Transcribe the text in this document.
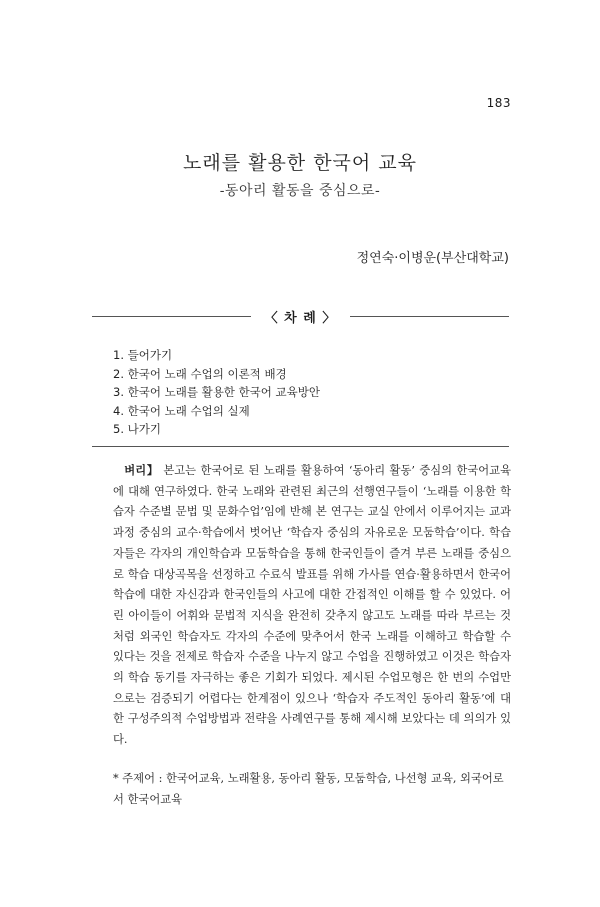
183
노래를 활용한 한국어 교육
-동아리 활동을 중심으로-
정연숙·이병운(부산대학교)
〈 차 례 〉
1. 들어가기
2. 한국어 노래 수업의 이론적 배경
3. 한국어 노래를 활용한 한국어 교육방안
4. 한국어 노래 수업의 실제
5. 나가기

벼리】 본고는 한국어로 된 노래를 활용하여 ‘동아리 활동’ 중심의 한국어교육에 대해 연구하였다. 한국 노래와 관련된 최근의 선행연구들이 ‘노래를 이용한 학습자 수준별 문법 및 문화수업’임에 반해 본 연구는 교실 안에서 이루어지는 교과과정 중심의 교수·학습에서 벗어난 ‘학습자 중심의 자유로운 모둠학습’이다. 학습자들은 각자의 개인학습과 모둠학습을 통해 한국인들이 즐겨 부른 노래를 중심으로 학습 대상곡목을 선정하고 수료식 발표를 위해 가사를 연습·활용하면서 한국어 학습에 대한 자신감과 한국인들의 사고에 대한 간접적인 이해를 할 수 있었다. 어린 아이들이 어휘와 문법적 지식을 완전히 갖추지 않고도 노래를 따라 부르는 것처럼 외국인 학습자도 각자의 수준에 맞추어서 한국 노래를 이해하고 학습할 수 있다는 것을 전제로 학습자 수준을 나누지 않고 수업을 진행하였고 이것은 학습자의 학습 동기를 자극하는 좋은 기회가 되었다. 제시된 수업모형은 한 번의 수업만으로는 검증되기 어렵다는 한계점이 있으나 ‘학습자 주도적인 동아리 활동’에 대한 구성주의적 수업방법과 전략을 사례연구를 통해 제시해 보았다는 데 의의가 있다.

* 주제어 : 한국어교육, 노래활용, 동아리 활동, 모둠학습, 나선형 교육, 외국어로서 한국어교육
